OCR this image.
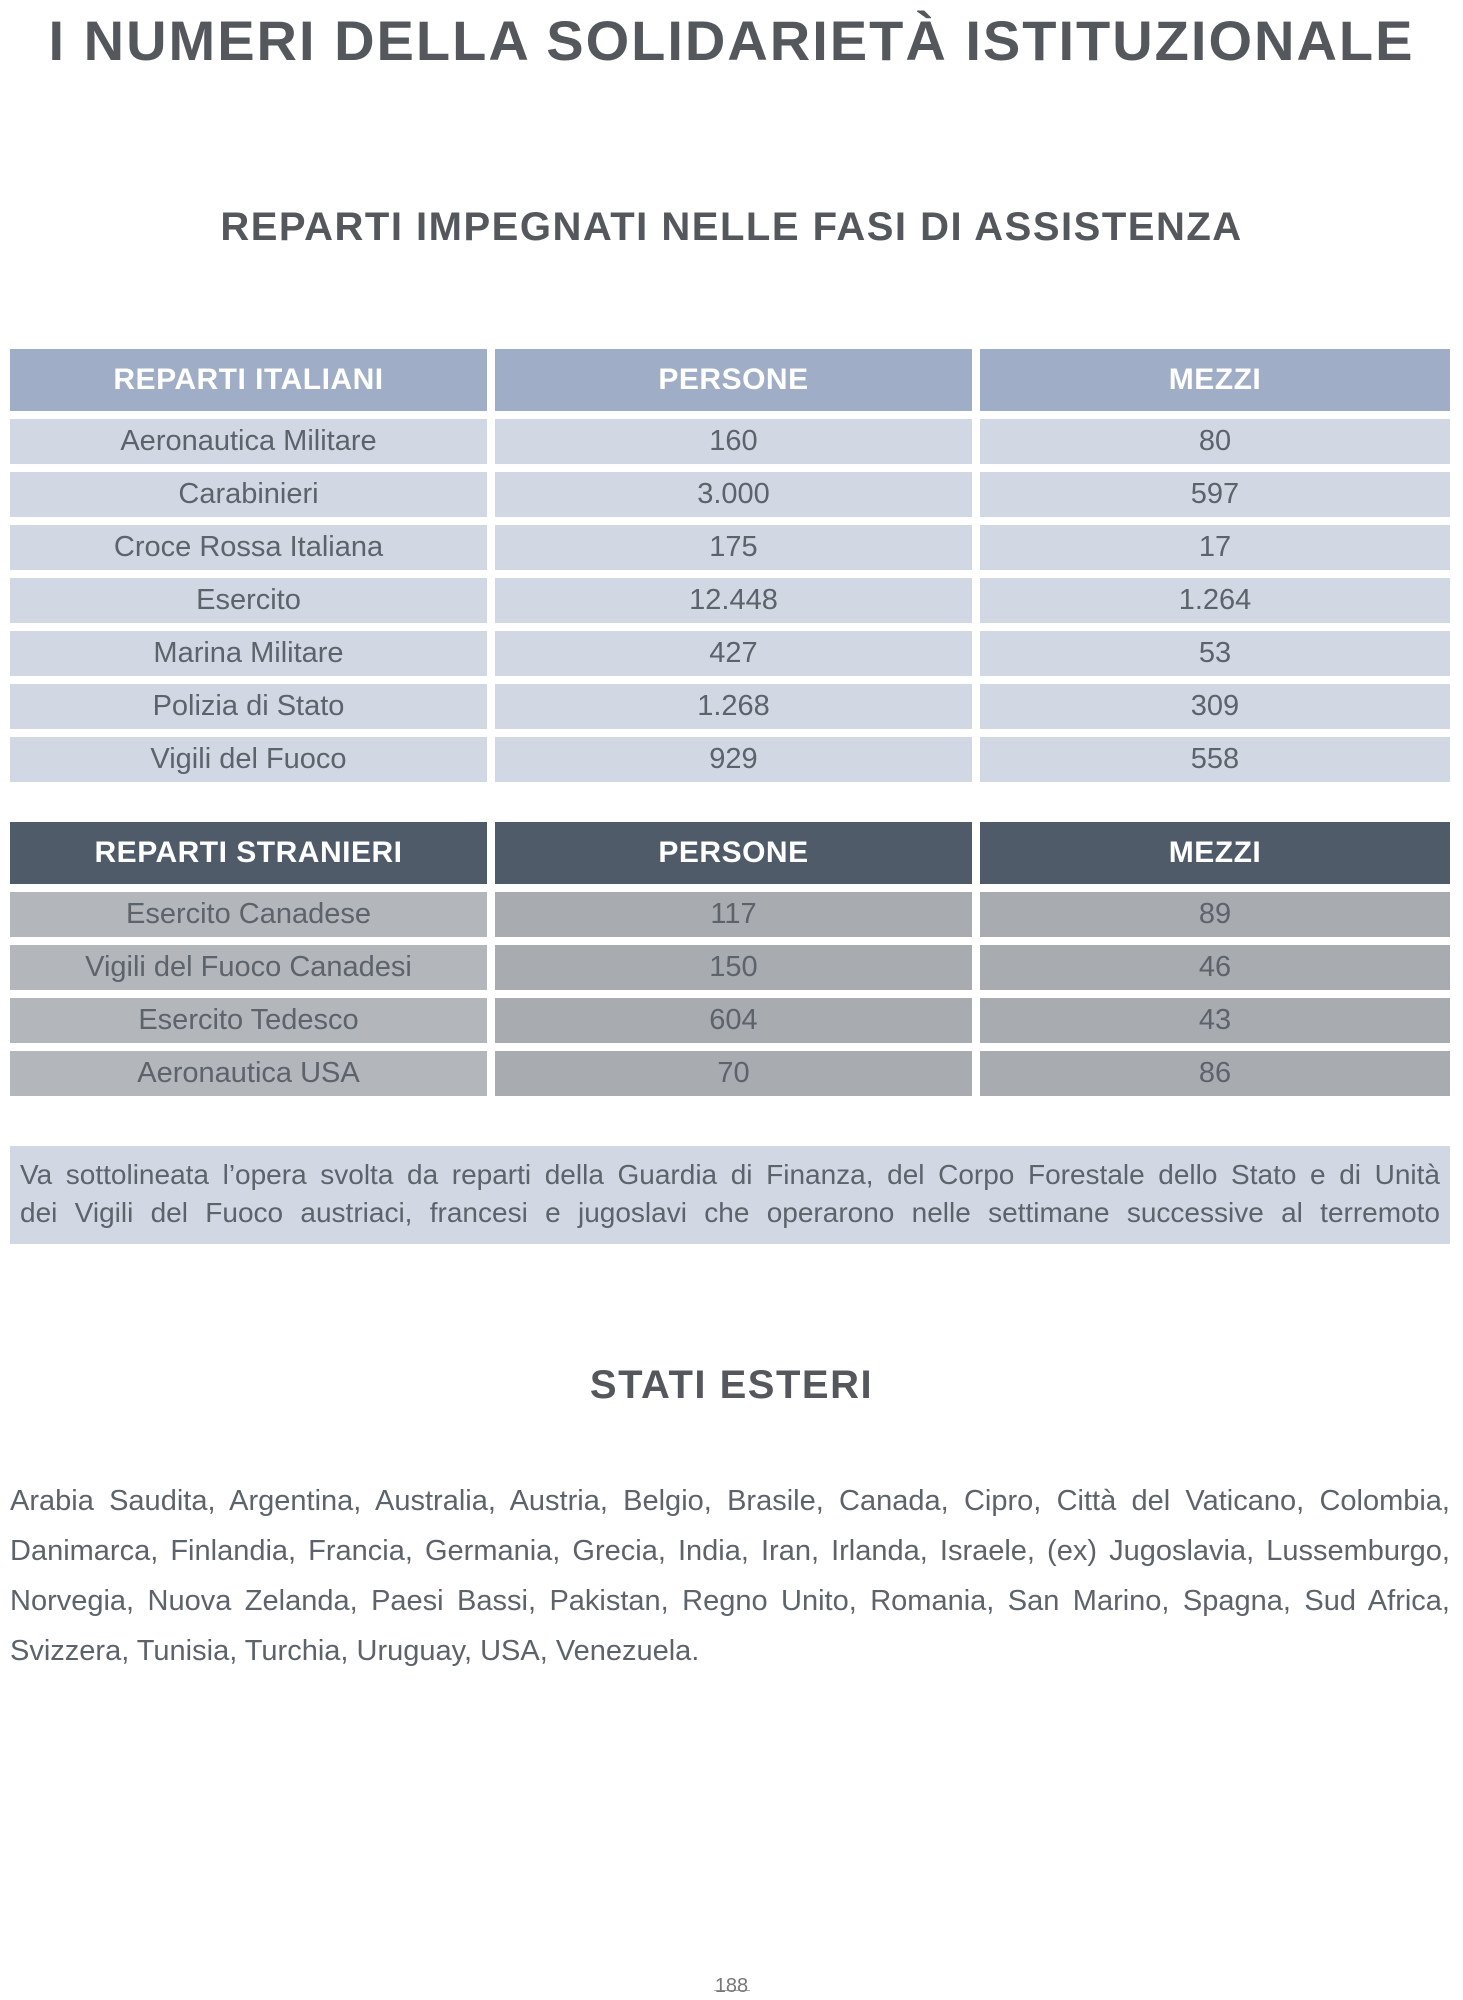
I NUMERI DELLA SOLIDARIETÀ ISTITUZIONALE
REPARTI IMPEGNATI NELLE FASI DI ASSISTENZA
REPARTI ITALIANI	PERSONE	MEZZI
Aeronautica Militare	160	80
Carabinieri	3.000	597
Croce Rossa Italiana	175	17
Esercito	12.448	1.264
Marina Militare	427	53
Polizia di Stato	1.268	309
Vigili del Fuoco	929	558
REPARTI STRANIERI	PERSONE	MEZZI
Esercito Canadese	117	89
Vigili del Fuoco Canadesi	150	46
Esercito Tedesco	604	43
Aeronautica USA	70	86
Va sottolineata l’opera svolta da reparti della Guardia di Finanza, del Corpo Forestale dello Stato e di Unità
dei Vigili del Fuoco austriaci, francesi e jugoslavi che operarono nelle settimane successive al terremoto
STATI ESTERI

Arabia Saudita, Argentina, Australia, Austria, Belgio, Brasile, Canada, Cipro, Città del Vaticano, Colombia, Danimarca, Finlandia, Francia, Germania, Grecia, India, Iran, Irlanda, Israele, (ex) Jugoslavia, Lussemburgo, Norvegia, Nuova Zelanda, Paesi Bassi, Pakistan, Regno Unito, Romania, San Marino, Spagna, Sud Africa, Svizzera, Tunisia, Turchia, Uruguay, USA, Venezuela.

188
